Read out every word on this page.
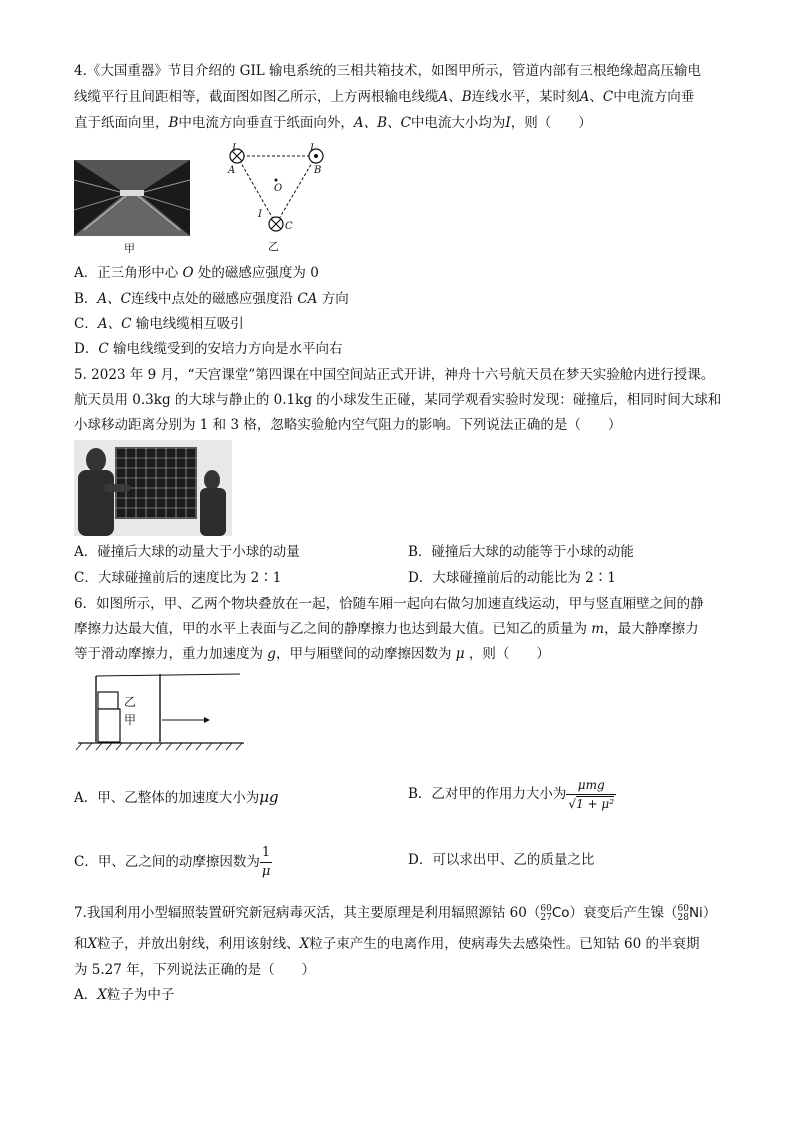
4.《大国重器》节目介绍的 GIL 输电系统的三相共箱技术，如图甲所示，管道内部有三根绝缘超高压输电
线缆平行且间距相等，截面图如图乙所示，上方两根输电线缆A、B连线水平，某时刻A、C中电流方向垂
直于纸面向里，B中电流方向垂直于纸面向外，A、B、C中电流大小均为I，则（　　）
甲
I	I
A	B
O
I
C
乙
A．正三角形中心 O 处的磁感应强度为 0
B．A、C连线中点处的磁感应强度沿 CA 方向
C．A、C 输电线缆相互吸引
D．C 输电线缆受到的安培力方向是水平向右
5. 2023 年 9 月，“天宫课堂”第四课在中国空间站正式开讲，神舟十六号航天员在梦天实验舱内进行授课。
航天员用 0.3kg 的大球与静止的 0.1kg 的小球发生正碰，某同学观看实验时发现：碰撞后，相同时间大球和
小球移动距离分别为 1 和 3 格，忽略实验舱内空气阻力的影响。下列说法正确的是（　　）
A．碰撞后大球的动量大于小球的动量	B．碰撞后大球的动能等于小球的动能
C．大球碰撞前后的速度比为 2∶1	D．大球碰撞前后的动能比为 2∶1
6．如图所示，甲、乙两个物块叠放在一起，恰随车厢一起向右做匀加速直线运动，甲与竖直厢壁之间的静
摩擦力达最大值，甲的水平上表面与乙之间的静摩擦力也达到最大值。已知乙的质量为 m，最大静摩擦力
等于滑动摩擦力，重力加速度为 g，甲与厢壁间的动摩擦因数为 μ ，则（　　）
乙
甲
A．甲、乙整体的加速度大小为μg	B．乙对甲的作用力大小为 $\frac{\text{μmg}}{\text{√1 + μ²}}$
C．甲、乙之间的动摩擦因数为 $\frac{1}{\mu}$	D．可以求出甲、乙的质量之比
7.我国利用小型辐照装置研究新冠病毒灭活，其主要原理是利用辐照源钴 60（ 60
27 Co）衰变后产生镍（ 60
28 Ni）
和X粒子，并放出射线，利用该射线、X粒子束产生的电离作用，使病毒失去感染性。已知钴 60 的半衰期
为 5.27 年，下列说法正确的是（　　）
A．X粒子为中子
